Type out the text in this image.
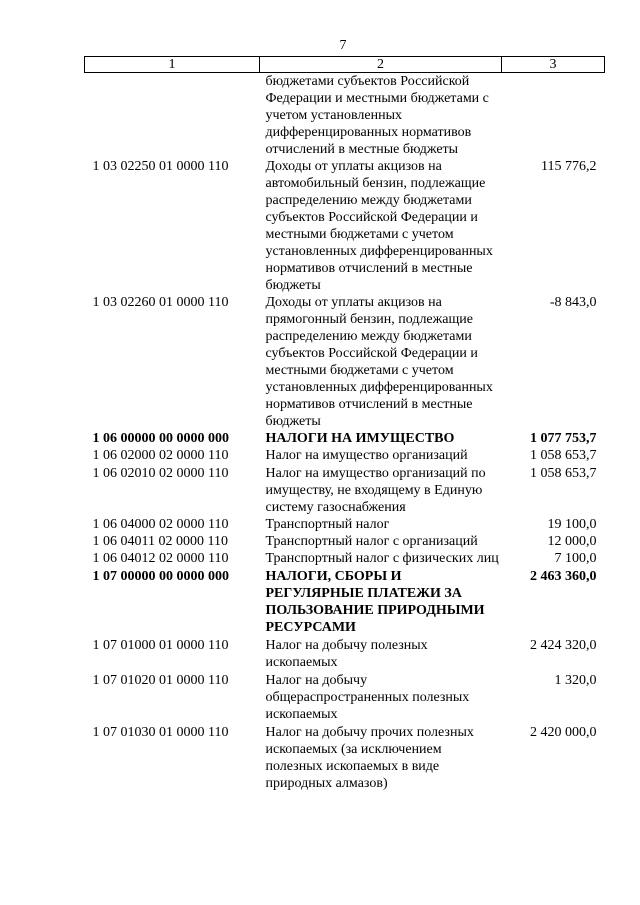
7
1	2	3
	бюджетами субъектов Российской Федерации и местными бюджетами с учетом установленных дифференцированных нормативов отчислений в местные бюджеты	
1 03 02250 01 0000 110	Доходы от уплаты акцизов на автомобильный бензин, подлежащие распределению между бюджетами субъектов Российской Федерации и местными бюджетами с учетом установленных дифференцированных нормативов отчислений в местные бюджеты	115 776,2
1 03 02260 01 0000 110	Доходы от уплаты акцизов на прямогонный бензин, подлежащие распределению между бюджетами субъектов Российской Федерации и местными бюджетами с учетом установленных дифференцированных нормативов отчислений в местные бюджеты	-8 843,0
1 06 00000 00 0000 000	НАЛОГИ НА ИМУЩЕСТВО	1 077 753,7
1 06 02000 02 0000 110	Налог на имущество организаций	1 058 653,7
1 06 02010 02 0000 110	Налог на имущество организаций по имуществу, не входящему в Единую систему газоснабжения	1 058 653,7
1 06 04000 02 0000 110	Транспортный налог	19 100,0
1 06 04011 02 0000 110	Транспортный налог с организаций	12 000,0
1 06 04012 02 0000 110	Транспортный налог с физических лиц	7 100,0
1 07 00000 00 0000 000	НАЛОГИ, СБОРЫ И РЕГУЛЯРНЫЕ ПЛАТЕЖИ ЗА ПОЛЬЗОВАНИЕ ПРИРОДНЫМИ РЕСУРСАМИ	2 463 360,0
1 07 01000 01 0000 110	Налог на добычу полезных ископаемых	2 424 320,0
1 07 01020 01 0000 110	Налог на добычу общераспространенных полезных ископаемых	1 320,0
1 07 01030 01 0000 110	Налог на добычу прочих полезных ископаемых (за исключением полезных ископаемых в виде природных алмазов)	2 420 000,0
